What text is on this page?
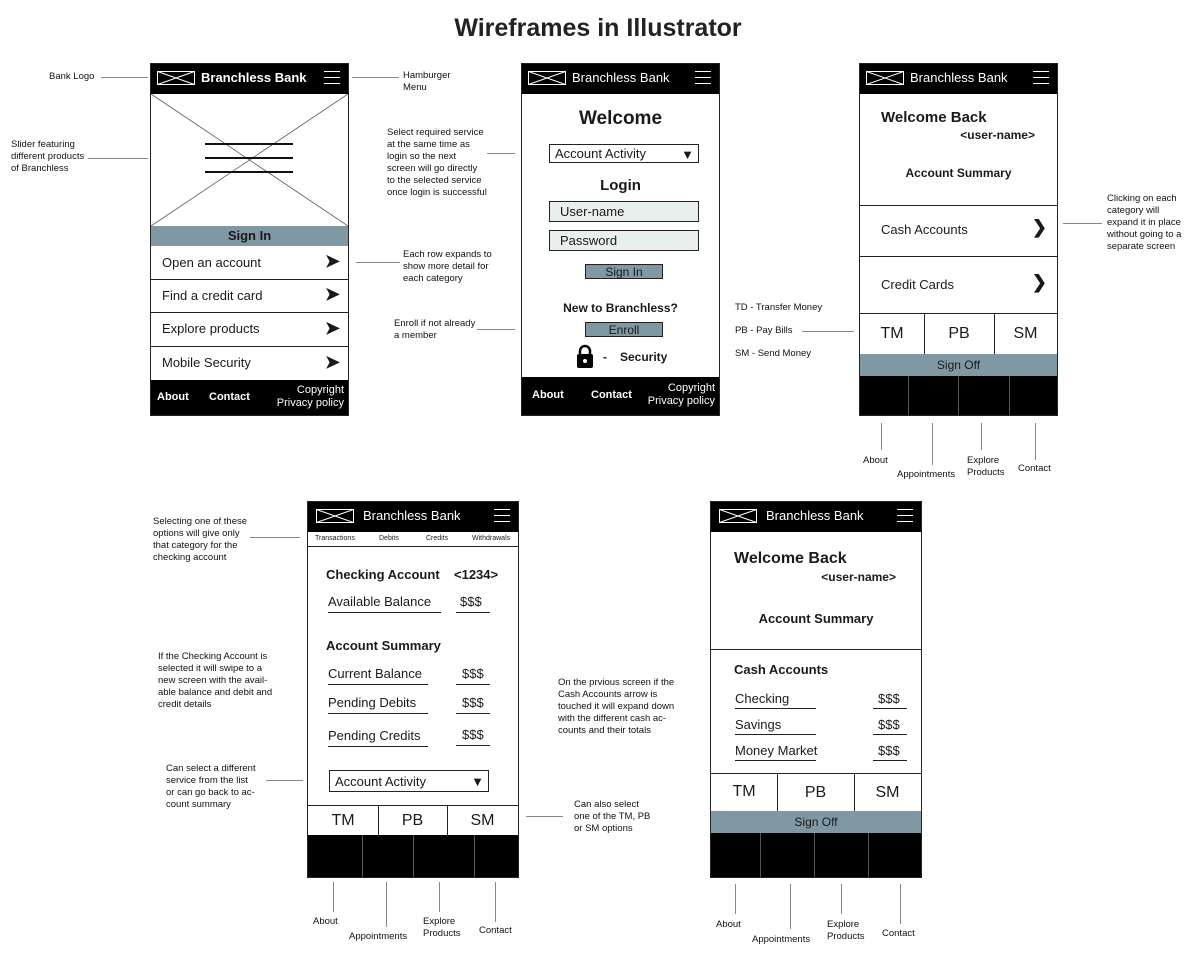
Wireframes in Illustrator
Branchless Bank
Sign In
Open an account	➤
Find a credit card	➤
Explore products	➤
Mobile Security	➤
About Contact
Copyright
Privacy policy
Branchless Bank
Welcome
Account Activity	▼
Login
User-name
Password
Sign In
New to Branchless?
Enroll
- Security
About Contact
Copyright
Privacy policy
Branchless Bank
Welcome Back
<user-name>
Account Summary
Cash Accounts	❯
Credit Cards	❯
TM	PB	SM
Sign Off
Branchless Bank
Transactions	Debits	Credits	Withdrawals
Checking Account <1234>
Available Balance $$$
Account Summary
Current Balance	$$$
Pending Debits	$$$
Pending Credits	$$$
Account Activity	▼
TM	PB	SM
Branchless Bank
Welcome Back
<user-name>
Account Summary
Cash Accounts
Checking	$$$
Savings	$$$
Money Market	$$$
TM	PB	SM
Sign Off
Bank Logo	Hamburger
Menu
Slider featuring
different products
of Branchless
Select required service
at the same time as
login so the next
screen will go directly
to the selected service
once login is successful
Each row expands to
show more detail for
each category
Enroll if not already
a member
TD - Transfer Money
PB - Pay Bills
SM - Send Money
Clicking on each
category will
expand it in place
without going to a
separate screen
About
Appointments
Explore
Products Contact
Selecting one of these
options will give only
that category for the
checking account
If the Checking Account is
selected it will swipe to a
new screen with the avail-
able balance and debit and
credit details
Can select a different
service from the list
or can go back to ac-
count summary
On the prvious screen if the
Cash Accounts arrow is
touched it will expand down
with the different cash ac-
counts and their totals
Can also select
one of the TM, PB
or SM options
About
Appointments
Explore
Products Contact
About
Appointments
Explore
Products Contact
